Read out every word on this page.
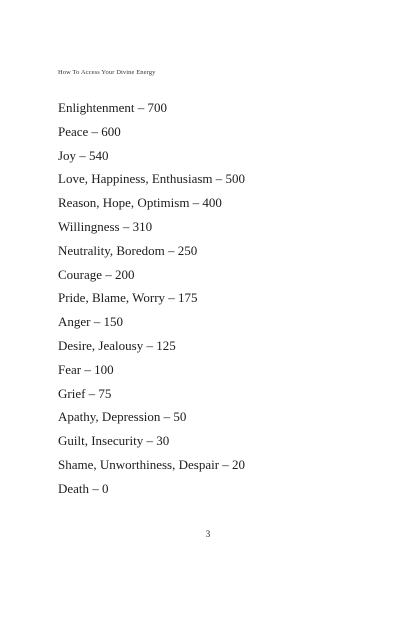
How To Access Your Divine Energy
Enlightenment – 700
Peace – 600
Joy – 540
Love, Happiness, Enthusiasm – 500
Reason, Hope, Optimism – 400
Willingness – 310
Neutrality, Boredom – 250
Courage – 200
Pride, Blame, Worry – 175
Anger – 150
Desire, Jealousy – 125
Fear – 100
Grief – 75
Apathy, Depression – 50
Guilt, Insecurity – 30
Shame, Unworthiness, Despair – 20
Death – 0
3
